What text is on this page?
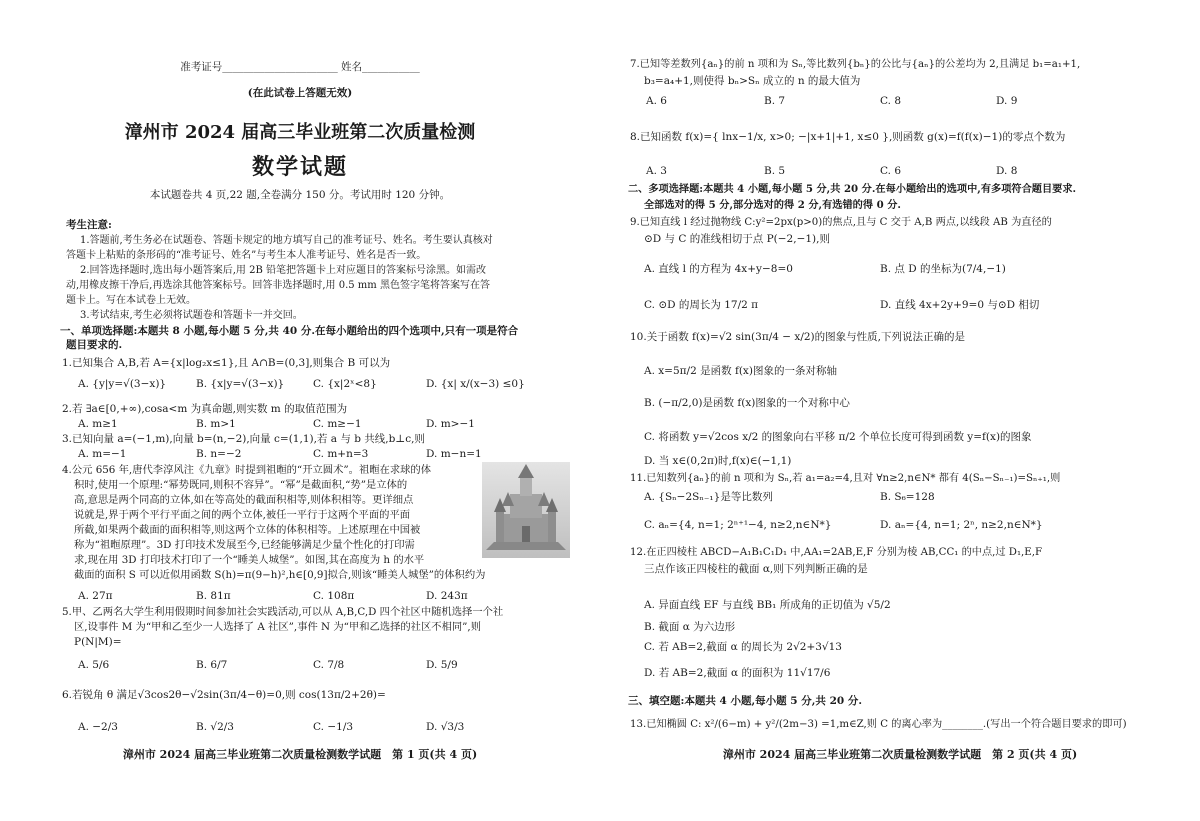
准考证号______________________ 姓名___________
(在此试卷上答题无效)
漳州市 2024 届高三毕业班第二次质量检测
数学试题
本试题卷共 4 页,22 题,全卷满分 150 分。考试用时 120 分钟。
考生注意:
1.答题前,考生务必在试题卷、答题卡规定的地方填写自己的准考证号、姓名。考生要认真核对
答题卡上粘贴的条形码的“准考证号、姓名”与考生本人准考证号、姓名是否一致。
2.回答选择题时,选出每小题答案后,用 2B 铅笔把答题卡上对应题目的答案标号涂黑。如需改
动,用橡皮擦干净后,再选涂其他答案标号。回答非选择题时,用 0.5 mm 黑色签字笔将答案写在答
题卡上。写在本试卷上无效。
3.考试结束,考生必须将试题卷和答题卡一并交回。
一、单项选择题:本题共 8 小题,每小题 5 分,共 40 分.在每小题给出的四个选项中,只有一项是符合
题目要求的.
1.已知集合 A,B,若 A={x|log₂x≤1},且 A∩B=(0,3],则集合 B 可以为
A. {y|y=√(3−x)}	B. {x|y=√(3−x)}	C. {x|2ˣ<8}	D. {x| x/(x−3) ≤0}
2.若 ∃a∈[0,+∞),cosa<m 为真命题,则实数 m 的取值范围为
A. m≥1	B. m>1	C. m≥−1	D. m>−1
3.已知向量 a=(−1,m),向量 b=(n,−2),向量 c=(1,1),若 a 与 b 共线,b⊥c,则
A. m=−1	B. n=−2	C. m+n=3	D. m−n=1
4.公元 656 年,唐代李淳风注《九章》时提到祖暅的“开立圆术”。祖暅在求球的体
积时,使用一个原理:“幂势既同,则积不容异”。“幂”是截面积,“势”是立体的
高,意思是两个同高的立体,如在等高处的截面积相等,则体积相等。更详细点
说就是,界于两个平行平面之间的两个立体,被任一平行于这两个平面的平面
所截,如果两个截面的面积相等,则这两个立体的体积相等。上述原理在中国被
称为“祖暅原理”。3D 打印技术发展至今,已经能够满足少量个性化的打印需
求,现在用 3D 打印技术打印了一个“睡美人城堡”。如图,其在高度为 h 的水平
截面的面积 S 可以近似用函数 S(h)=π(9−h)²,h∈[0,9]拟合,则该“睡美人城堡”的体积约为
A. 27π	B. 81π	C. 108π	D. 243π
5.甲、乙两名大学生利用假期时间参加社会实践活动,可以从 A,B,C,D 四个社区中随机选择一个社
区,设事件 M 为“甲和乙至少一人选择了 A 社区”,事件 N 为“甲和乙选择的社区不相同”,则
P(N|M)=
A. 5/6	B. 6/7	C. 7/8	D. 5/9
6.若锐角 θ 满足√3cos2θ−√2sin(3π/4−θ)=0,则 cos(13π/2+2θ)=
A. −2/3	B. √2/3	C. −1/3	D. √3/3
漳州市 2024 届高三毕业班第二次质量检测数学试题　第 1 页(共 4 页)
7.已知等差数列{aₙ}的前 n 项和为 Sₙ,等比数列{bₙ}的公比与{aₙ}的公差均为 2,且满足 b₁=a₁+1,
b₃=a₄+1,则使得 bₙ>Sₙ 成立的 n 的最大值为
A. 6	B. 7	C. 8	D. 9
8.已知函数 f(x)={ lnx−1/x, x>0; −|x+1|+1, x≤0 },则函数 g(x)=f(f(x)−1)的零点个数为
A. 3	B. 5	C. 6	D. 8
二、多项选择题:本题共 4 小题,每小题 5 分,共 20 分.在每小题给出的选项中,有多项符合题目要求.
全部选对的得 5 分,部分选对的得 2 分,有选错的得 0 分.
9.已知直线 l 经过抛物线 C:y²=2px(p>0)的焦点,且与 C 交于 A,B 两点,以线段 AB 为直径的
⊙D 与 C 的准线相切于点 P(−2,−1),则
A. 直线 l 的方程为 4x+y−8=0	B. 点 D 的坐标为(7/4,−1)
C. ⊙D 的周长为 17/2 π	D. 直线 4x+2y+9=0 与⊙D 相切
10.关于函数 f(x)=√2 sin(3π/4 − x/2)的图象与性质,下列说法正确的是
A. x=5π/2 是函数 f(x)图象的一条对称轴
B. (−π/2,0)是函数 f(x)图象的一个对称中心
C. 将函数 y=√2cos x/2 的图象向右平移 π/2 个单位长度可得到函数 y=f(x)的图象
D. 当 x∈(0,2π)时,f(x)∈(−1,1)
11.已知数列{aₙ}的前 n 项和为 Sₙ,若 a₁=a₂=4,且对 ∀n≥2,n∈N* 都有 4(Sₙ−Sₙ₋₁)=Sₙ₊₁,则
A. {Sₙ−2Sₙ₋₁}是等比数列	B. S₆=128
C. aₙ={4, n=1; 2ⁿ⁺¹−4, n≥2,n∈N*}	D. aₙ={4, n=1; 2ⁿ, n≥2,n∈N*}
12.在正四棱柱 ABCD−A₁B₁C₁D₁ 中,AA₁=2AB,E,F 分别为棱 AB,CC₁ 的中点,过 D₁,E,F
三点作该正四棱柱的截面 α,则下列判断正确的是
A. 异面直线 EF 与直线 BB₁ 所成角的正切值为 √5/2
B. 截面 α 为六边形
C. 若 AB=2,截面 α 的周长为 2√2+3√13
D. 若 AB=2,截面 α 的面积为 11√17/6
三、填空题:本题共 4 小题,每小题 5 分,共 20 分.
13.已知椭圆 C: x²/(6−m) + y²/(2m−3) =1,m∈Z,则 C 的离心率为________.(写出一个符合题目要求的即可)
漳州市 2024 届高三毕业班第二次质量检测数学试题　第 2 页(共 4 页)
